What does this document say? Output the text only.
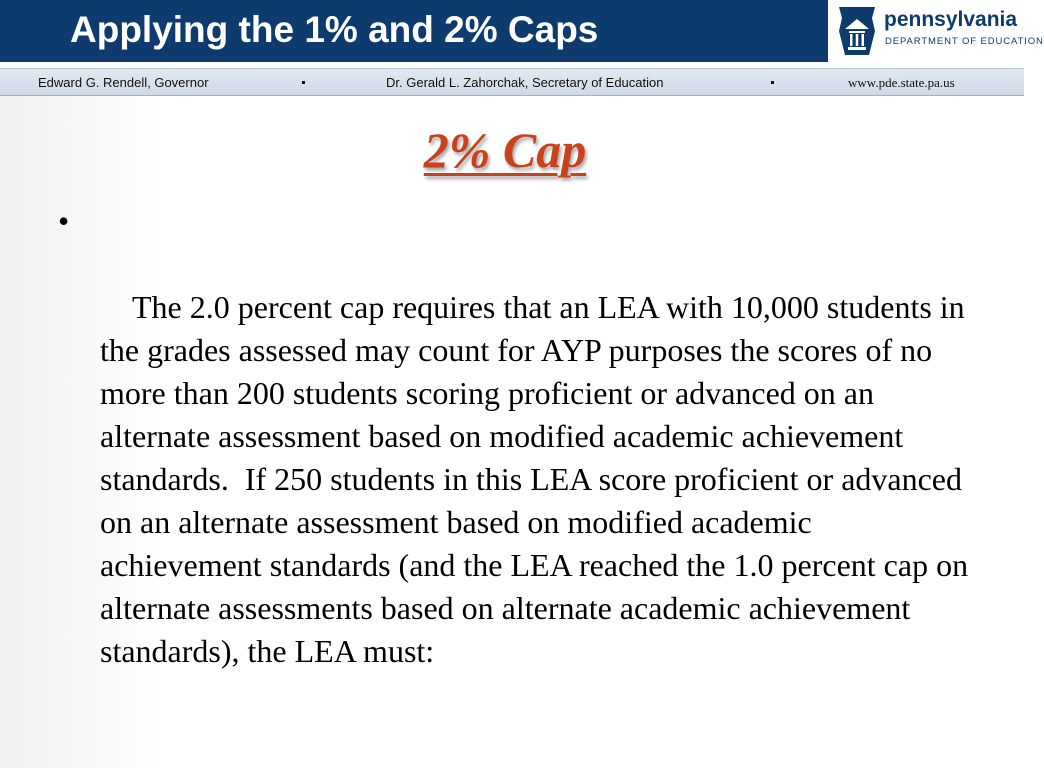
Applying the 1% and 2% Caps	pennsylvania
DEPARTMENT OF EDUCATION
Edward G. Rendell, Governor	Dr. Gerald L. Zahorchak, Secretary of Education	www.pde.state.pa.us
2% Cap

•

The 2.0 percent cap requires that an LEA with 10,000 students in the grades assessed may count for AYP purposes the scores of no more than 200 students scoring proficient or advanced on an alternate assessment based on modified academic achievement standards.  If 250 students in this LEA score proficient or advanced on an alternate assessment based on modified academic achievement standards (and the LEA reached the 1.0 percent cap on alternate assessments based on alternate academic achievement standards), the LEA must:
